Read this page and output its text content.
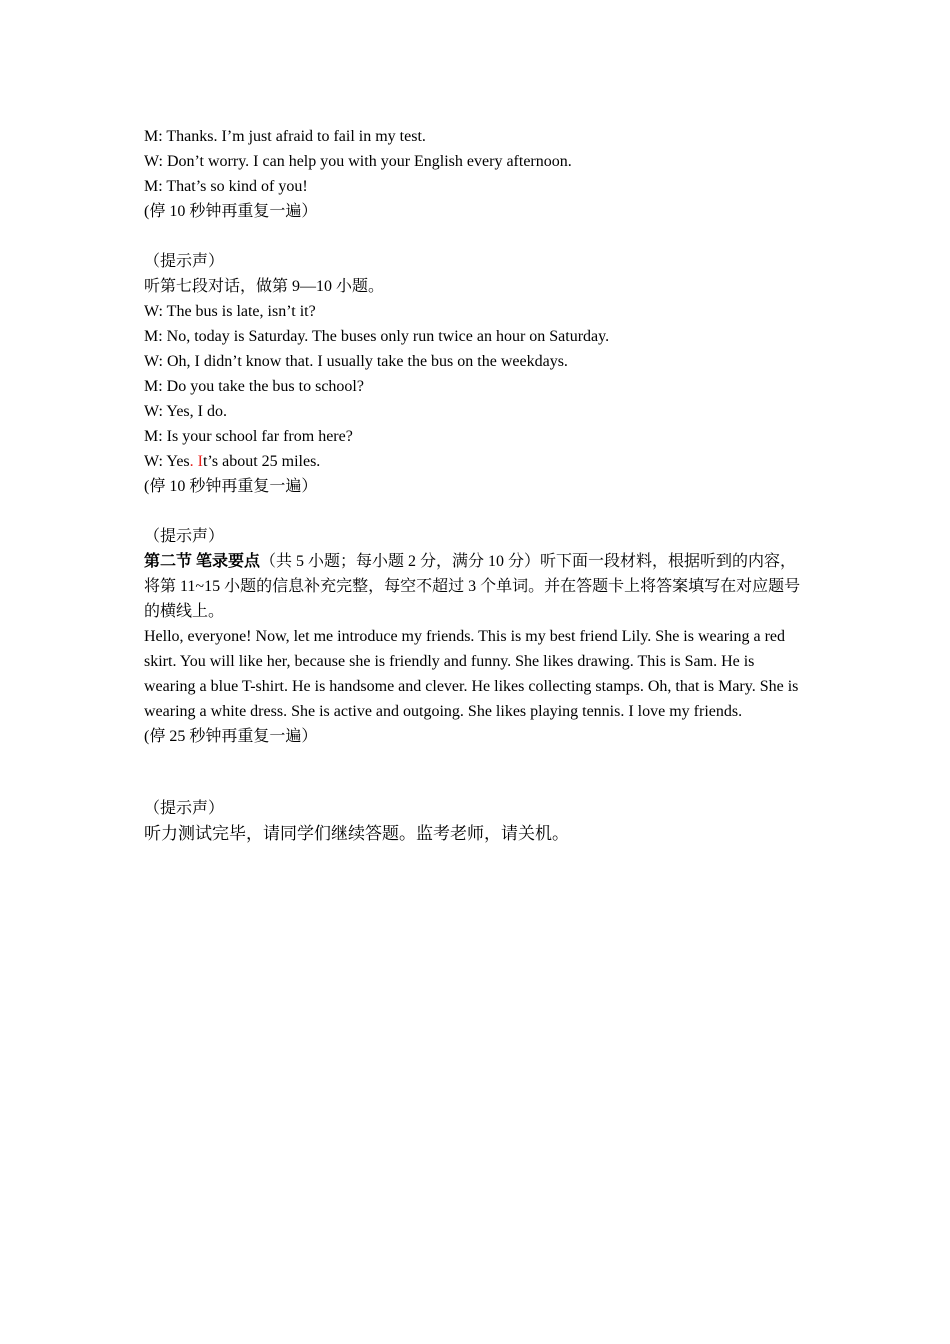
M: Thanks. I’m just afraid to fail in my test.
W: Don’t worry. I can help you with your English every afternoon.
M: That’s so kind of you!
(停 10 秒钟再重复一遍）
（提示声）
听第七段对话，做第 9—10 小题。
W: The bus is late, isn’t it?
M: No, today is Saturday. The buses only run twice an hour on Saturday.
W: Oh, I didn’t know that. I usually take the bus on the weekdays.
M: Do you take the bus to school?
W: Yes, I do.
M: Is your school far from here?
W: Yes. It’s about 25 miles.
(停 10 秒钟再重复一遍）
（提示声）
第二节 笔录要点（共 5 小题；每小题 2 分，满分 10 分）听下面一段材料，根据听到的内容，将第 11~15 小题的信息补充完整，每空不超过 3 个单词。并在答题卡上将答案填写在对应题号的横线上。
Hello, everyone! Now, let me introduce my friends. This is my best friend Lily. She is wearing a red skirt. You will like her, because she is friendly and funny. She likes drawing. This is Sam. He is wearing a blue T-shirt. He is handsome and clever. He likes collecting stamps. Oh, that is Mary. She is wearing a white dress. She is active and outgoing. She likes playing tennis. I love my friends.
(停 25 秒钟再重复一遍）
（提示声）
听力测试完毕，请同学们继续答题。监考老师，请关机。
